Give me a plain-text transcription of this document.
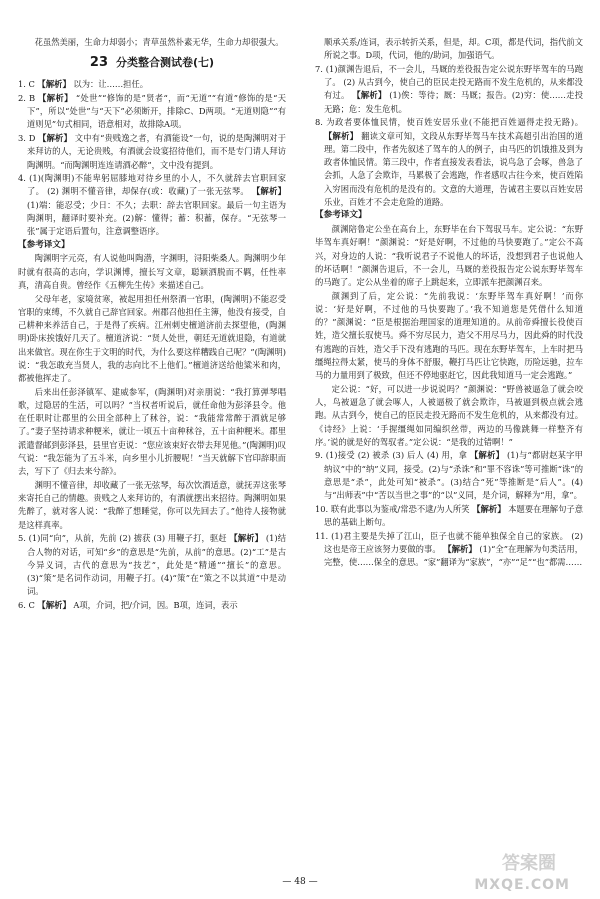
花虽然美丽，生命力却弱小；青草虽然朴素无华，生命力却很强大。

23 分类整合测试卷(七)

1. C 【解析】 以为：让……担任。

2. B 【解析】 “处世”“修饰的是”贤者“，而“无道”“有道”修饰的是“天下”，所以“处世”与“天下”必须断开，排除C、D两项。“无道则隐”“有道则见”句式相同，语意相对，故排除A项。

3. D 【解析】 文中有“贵贱逸之者，有酒能设”一句，说的是陶渊明对于来拜访的人，无论贵贱，有酒就会设宴招待他们，而不是专门请人拜访陶渊明。“而陶渊明连连请酒必醉”，文中没有提到。

4. (1)(陶渊明)不能卑躬屈膝地对待乡里的小人，不久就辞去官职回家了。 (2) 渊明不懂音律，却保存(或：收藏)了一张无弦琴。 【解析】 (1)端：能忍受；少日：不久；去职：辞去官职回家。最后一句主语为陶渊明，翻译时要补充。(2)解：懂得；蓄：积蓄，保存。“无弦琴一张”属于定语后置句，注意调整语序。

【参考译文】

陶渊明字元亮，有人说他叫陶潜，字渊明，浔阳柴桑人。陶渊明少年时就有很高的志向，学识渊博，擅长写文章，聪颖洒脱而不羁，任性率真，清高自贵。曾经作《五柳先生传》来描述自己。

父母年老，家境贫寒，被起用担任州祭酒一官职，(陶渊明)不能忍受官职的束缚，不久就自己辞官回家。州郡召他担任主簿，他没有接受，自己耕种来养活自己，于是得了疾病。江州刺史檀道济前去探望他，(陶渊明)卧床挨饿好几天了。檀道济说：“贤人处世，朝廷无道就退隐，有道就出来做官。现在你生于文明的时代，为什么要这样糟践自己呢？”(陶渊明)说：“我怎敢充当贤人，我的志向比不上他们。”檀道济送给他粱米和肉，都被他挥走了。

后来出任彭泽镇军、建威参军，(陶渊明)对亲朋说：“我打算弹琴唱歌，过隐居的生活，可以吗？”当权者听说后，就任命他为彭泽县令。他在任职时让郡里的公田全部种上了秫谷，说：“我能常常醉于酒就足够了。”妻子坚持请求种粳米，就让一顷五十亩种秫谷，五十亩种粳米。郡里派遣督邮到彭泽县，县里官吏说：“您应该束好衣带去拜见他。”(陶渊明)叹气说：“我怎能为了五斗米，向乡里小儿折腰呢！”当天就解下官印辞职而去，写下了《归去来兮辞》。

渊明不懂音律，却收藏了一张无弦琴，每次饮酒适意，就抚弄这张琴来寄托自己的情趣。贵贱之人来拜访的，有酒就摆出来招待。陶渊明如果先醉了，就对客人说：“我醉了想睡觉，你可以先回去了。”他待人接物就是这样真率。

5. (1)同“向”，从前，先前 (2) 掳获 (3) 用鞭子打，驱赶 【解析】 (1)结合人物的对话，可知“乡”的意思是“先前，从前”的意思。(2)“工”是古今异义词，古代的意思为“技艺”，此处是“精通”“擅长”的意思。(3)“策”是名词作动词，用鞭子打。(4)“策”在“策之不以其道”中是动词。

6. C 【解析】 A项，介词，把/介词，因。B项，连词，表示

顺承关系/连词，表示转折关系，但是，却。C项，都是代词，指代前文所说之事。D项，代词，他的/助词，加强语气。

7. (1)颜渊告退后，不一会儿，马厩的差役报告定公说东野毕驾车的马跑了。 (2) 从古到今，使自己的臣民走投无路而不发生危机的，从来都没有过。 【解析】 (1)俟：等待；厩：马厩；报告。(2)穷：使……走投无路；危：发生危机。

8. 为政者要体恤民情，使百姓安居乐业(不能把百姓逼得走投无路)。 【解析】 翻读文章可知，文段从东野毕驾马车技术高超引出治国的道理。第二段中，作者先叙述了驾车的人的例子，由马匹的饥饿推及到为政者体恤民情。第三段中，作者直接发表看法，说鸟急了会啄，兽急了会抓，人急了会欺诈，马累极了会逃跑，作者感叹古往今来，使百姓陷入穷困而没有危机的是没有的。文意的大道理，告诫君主要以百姓安居乐业，百姓才不会走危险的道路。

【参考译文】

颜渊陪鲁定公坐在高台上，东野毕在台下驾驭马车。定公说：“东野毕驾车真好啊！”颜渊说：“好是好啊，不过他的马快要跑了。”定公不高兴，对身边的人说：“我听说君子不说他人的坏话，没想到君子也说他人的坏话啊！”颜渊告退后，不一会儿，马厩的差役报告定公说东野毕驾车的马跑了。定公从坐着的席子上跳起来，立即派车把颜渊召来。

颜渊到了后，定公说：“先前我说：‘东野毕驾车真好啊！’而你说：‘好是好啊，不过他的马快要跑了。’我不知道您是凭借什么知道的？”颜渊说：“臣是根据治理国家的道理知道的。从前帝舜擅长役使百姓，造父擅长驭使马。舜不穷尽民力，造父不用尽马力，因此舜的时代没有逃跑的百姓，造父手下没有逃跑的马匹。现在东野毕驾车，上车时把马缰绳拉得太紧，使马的身体不舒服，鞭打马匹让它快跑，历险远驰，拉车马的力量用到了极致，但还不停地驱赶它，因此我知道马一定会逃跑。”

定公说：“好，可以进一步说说吗？”颜渊说：“野兽被逼急了就会咬人，鸟被逼急了就会啄人，人被逼极了就会欺诈，马被逼到极点就会逃跑。从古到今，使自己的臣民走投无路而不发生危机的，从来都没有过。《诗经》上说：‘手握缰绳如同编织丝带，两边的马像跳舞一样整齐有序。’说的就是好的驾驭者。”定公说：“是我的过错啊！”

9. (1)接受 (2) 被杀 (3) 后人 (4) 用，拿 【解析】 (1)与“都尉赵某字甲纳议”中的“纳”义同，接受。(2)与“杀诛”和“罪不容诛”等可推断“诛”的意思是“杀”，此处可知“被杀”。(3)结合“死”等推断是“后人”。(4)与“出师表”中“苦以当世之事”的“以”义同，是介词，解释为“用，拿”。

10. 联有此事以为鉴戒/常恐不逮/为人所笑 【解析】 本题要在理解句子意思的基础上断句。

11. (1)君主要是失掉了江山，臣子也就不能单独保全自己的家族。 (2) 这也是帝王应该努力要做的事。 【解析】 (1)“全”在理解为句类活用，完整，使……保全的意思。“家”翻译为“家族”，“亦”“足”“也”都需……

— 48 —
答案圈
MXQE.COM
